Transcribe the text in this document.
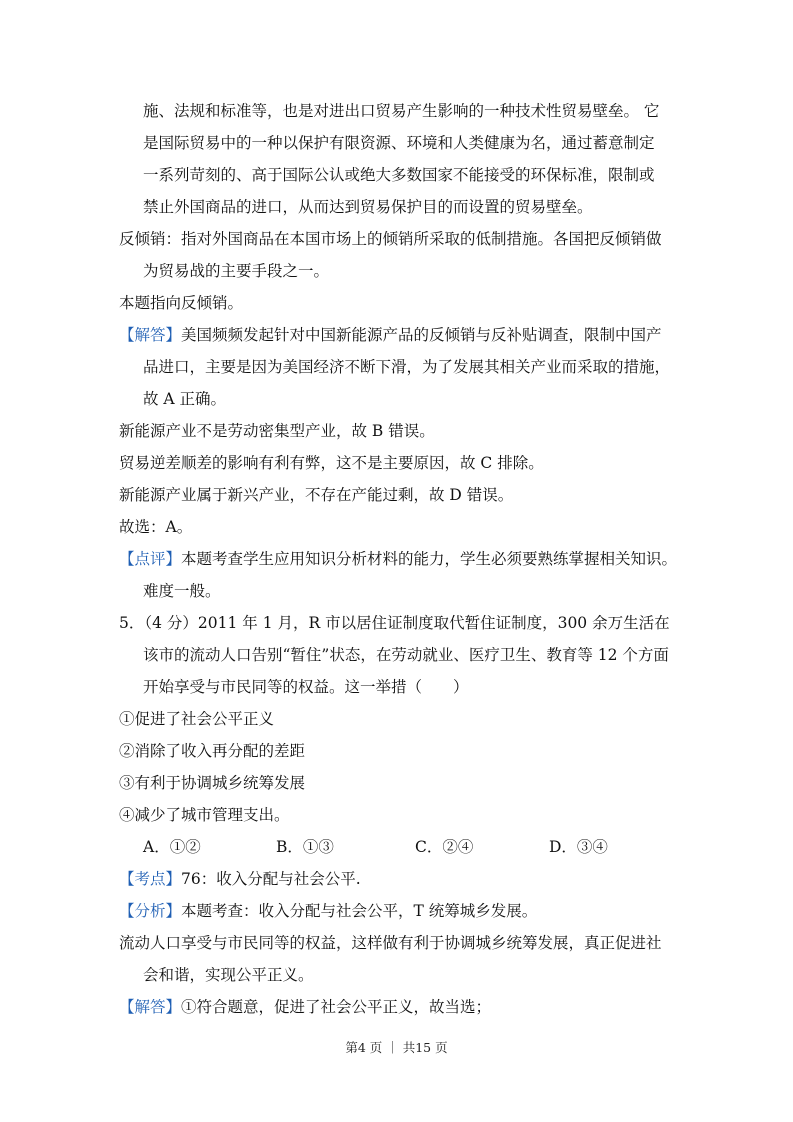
施、法规和标准等，也是对进出口贸易产生影响的一种技术性贸易壁垒。 它
是国际贸易中的一种以保护有限资源、环境和人类健康为名，通过蓄意制定
一系列苛刻的、高于国际公认或绝大多数国家不能接受的环保标准，限制或
禁止外国商品的进口，从而达到贸易保护目的而设置的贸易壁垒。
反倾销：指对外国商品在本国市场上的倾销所采取的低制措施。各国把反倾销做
为贸易战的主要手段之一。
本题指向反倾销。
【解答】美国频频发起针对中国新能源产品的反倾销与反补贴调查，限制中国产
品进口，主要是因为美国经济不断下滑，为了发展其相关产业而采取的措施，
故 A 正确。
新能源产业不是劳动密集型产业，故 B 错误。
贸易逆差顺差的影响有利有弊，这不是主要原因，故 C 排除。
新能源产业属于新兴产业，不存在产能过剩，故 D 错误。
故选：A。
【点评】本题考查学生应用知识分析材料的能力，学生必须要熟练掌握相关知识。
难度一般。
5．（4 分）2011 年 1 月，R 市以居住证制度取代暂住证制度，300 余万生活在
该市的流动人口告别“暂住”状态，在劳动就业、医疗卫生、教育等 12 个方面
开始享受与市民同等的权益。这一举措（　　）
①促进了社会公平正义
②消除了收入再分配的差距
③有利于协调城乡统筹发展
④减少了城市管理支出。
A．①②	B．①③	C．②④	D．③④
【考点】76：收入分配与社会公平.
【分析】本题考查：收入分配与社会公平，T 统筹城乡发展。
流动人口享受与市民同等的权益，这样做有利于协调城乡统筹发展，真正促进社
会和谐，实现公平正义。
【解答】①符合题意，促进了社会公平正义，故当选；
第4 页 ｜ 共15 页
